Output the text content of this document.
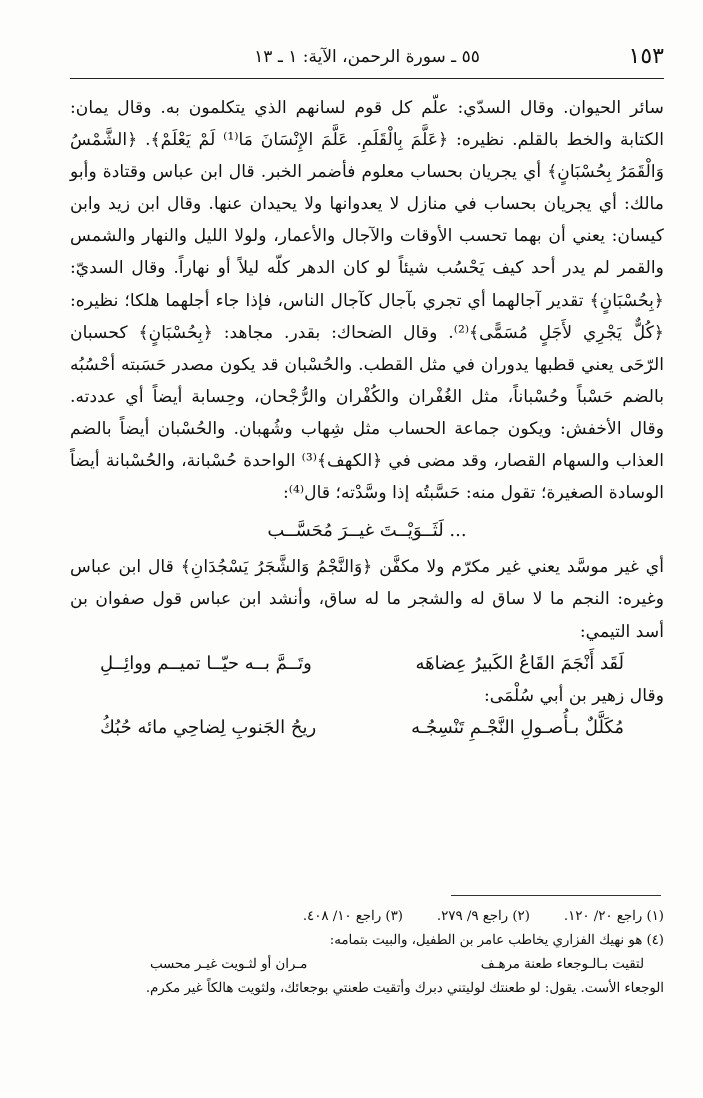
١٥٣
٥٥ ـ سورة الرحمن، الآية: ١ ـ ١٣

سائر الحيوان. وقال السدّي: علّم كل قوم لسانهم الذي يتكلمون به. وقال يمان: الكتابة والخط بالقلم. نظيره: ﴿عَلَّمَ بِالْقَلَمِ. عَلَّمَ الإِنْسَانَ مَا⁽¹⁾ لَمْ يَعْلَمْ﴾. ﴿الشَّمْسُ وَالْقَمَرُ بِحُسْبَانٍ﴾ أي يجريان بحساب معلوم فأضمر الخبر. قال ابن عباس وقتادة وأبو مالك: أي يجريان بحساب في منازل لا يعدوانها ولا يحيدان عنها. وقال ابن زيد وابن كيسان: يعني أن بهما تحسب الأوقات والآجال والأعمار، ولولا الليل والنهار والشمس والقمر لم يدر أحد كيف يَحْسُب شيئاً لو كان الدهر كلّه ليلاً أو نهاراً. وقال السديّ: ﴿بِحُسْبَانٍ﴾ تقدير آجالهما أي تجري بآجال كآجال الناس، فإذا جاء أجلهما هلكا؛ نظيره: ﴿كُلٌّ يَجْرِي لأَجَلٍ مُسَمًّى﴾⁽²⁾. وقال الضحاك: بقدر. مجاهد: ﴿بِحُسْبَانٍ﴾ كحسبان الرّحَى يعني قطبها يدوران في مثل القطب. والحُسْبان قد يكون مصدر حَسَبته أحْسُبُه بالضم حَسْباً وحُسْباناً، مثل الغُفْران والكُفْران والرُّجْحان، وحِسابة أيضاً أي عددته. وقال الأخفش: ويكون جماعة الحساب مثل شِهاب وشُهبان. والحُسْبان أيضاً بالضم العذاب والسهام القصار، وقد مضى في ﴿الكهف﴾⁽³⁾ الواحدة حُسْبانة، والحُسْبانة أيضاً الوسادة الصغيرة؛ تقول منه: حَسَّبتُه إذا وسَّدْته؛ قال⁽⁴⁾:

... لَثَــوَيْــتَ غيــرَ مُحَسَّــب

أي غير موسَّد يعني غير مكرّم ولا مكفَّن ﴿وَالنَّجْمُ وَالشَّجَرُ يَسْجُدَانِ﴾ قال ابن عباس وغيره: النجم ما لا ساق له والشجر ما له ساق، وأنشد ابن عباس قول صفوان بن أسد التيمي:

لَقَد أَنْجَمَ القَاعُ الكَبيرُ عِضاهَه
وتَــمَّ بــه حيّــا تميــم ووائِــلِ

وقال زهير بن أبي سُلْمَى:

مُكَلَّلٌ بـأُصـولِ النَّجْـمِ تَنْسِجُـه
ريحُ الجَنوبِ لِضاحِي مائه حُبُكُ
(١) راجع ٢٠/ ١٢٠.
(٢) راجع ٩/ ٢٧٩.
(٣) راجع ١٠/ ٤٠٨.

(٤) هو نهيك الفزاري يخاطب عامر بن الطفيل، والبيت بتمامه:

لتقيت بـالـوجعاء طعنة مرهـف
مـران أو لثـويت غيـر محسب

الوجعاء الأست. يقول: لو طعنتك لوليتني دبرك وأتقيت طعنتي بوجعائك، ولثويت هالكاً غير مكرم.
